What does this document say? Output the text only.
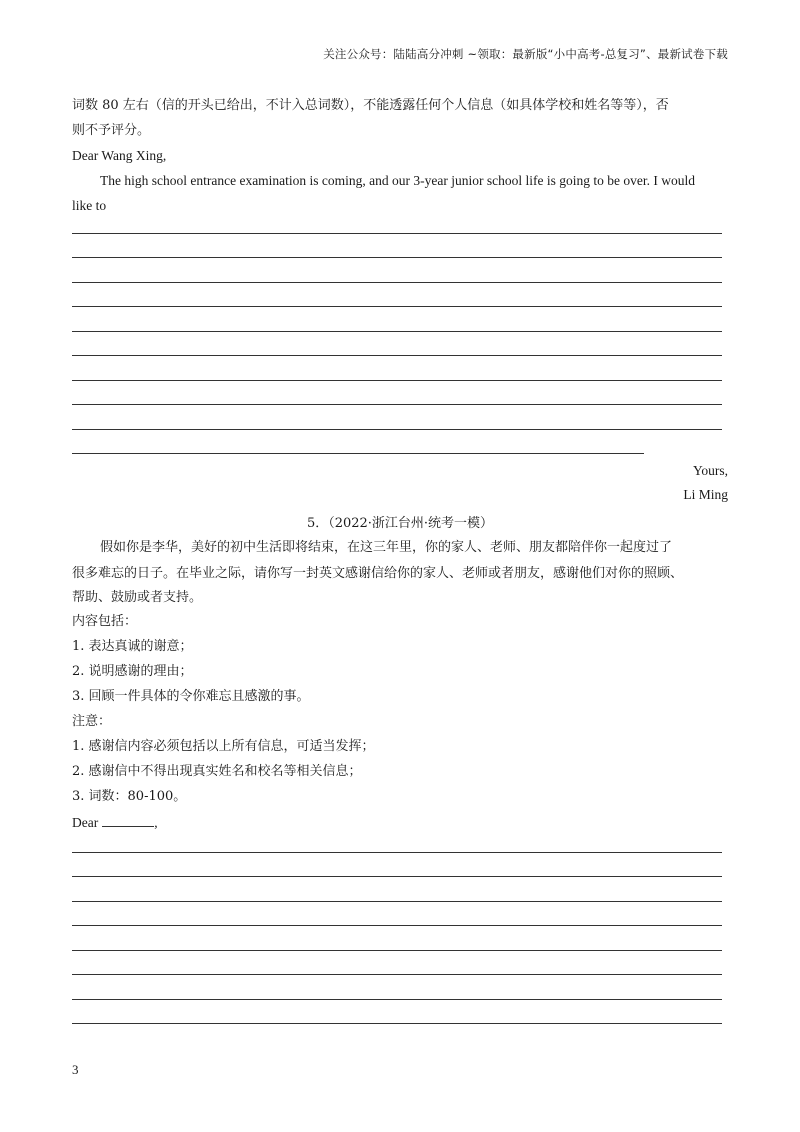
关注公众号：陆陆高分冲刺 ~领取：最新版“小中高考-总复习”、最新试卷下载
词数 80 左右（信的开头已给出，不计入总词数），不能透露任何个人信息（如具体学校和姓名等等），否
则不予评分。
Dear Wang Xing,
The high school entrance examination is coming, and our 3-year junior school life is going to be over. I would
like to
Yours,
Li Ming
5．（2022·浙江台州·统考一模）
假如你是李华，美好的初中生活即将结束，在这三年里，你的家人、老师、朋友都陪伴你一起度过了
很多难忘的日子。在毕业之际，请你写一封英文感谢信给你的家人、老师或者朋友，感谢他们对你的照顾、
帮助、鼓励或者支持。
内容包括：
1. 表达真诚的谢意；
2. 说明感谢的理由；
3. 回顾一件具体的令你难忘且感激的事。
注意：
1. 感谢信内容必须包括以上所有信息，可适当发挥；
2. 感谢信中不得出现真实姓名和校名等相关信息；
3. 词数：80-100。
Dear	,
3
